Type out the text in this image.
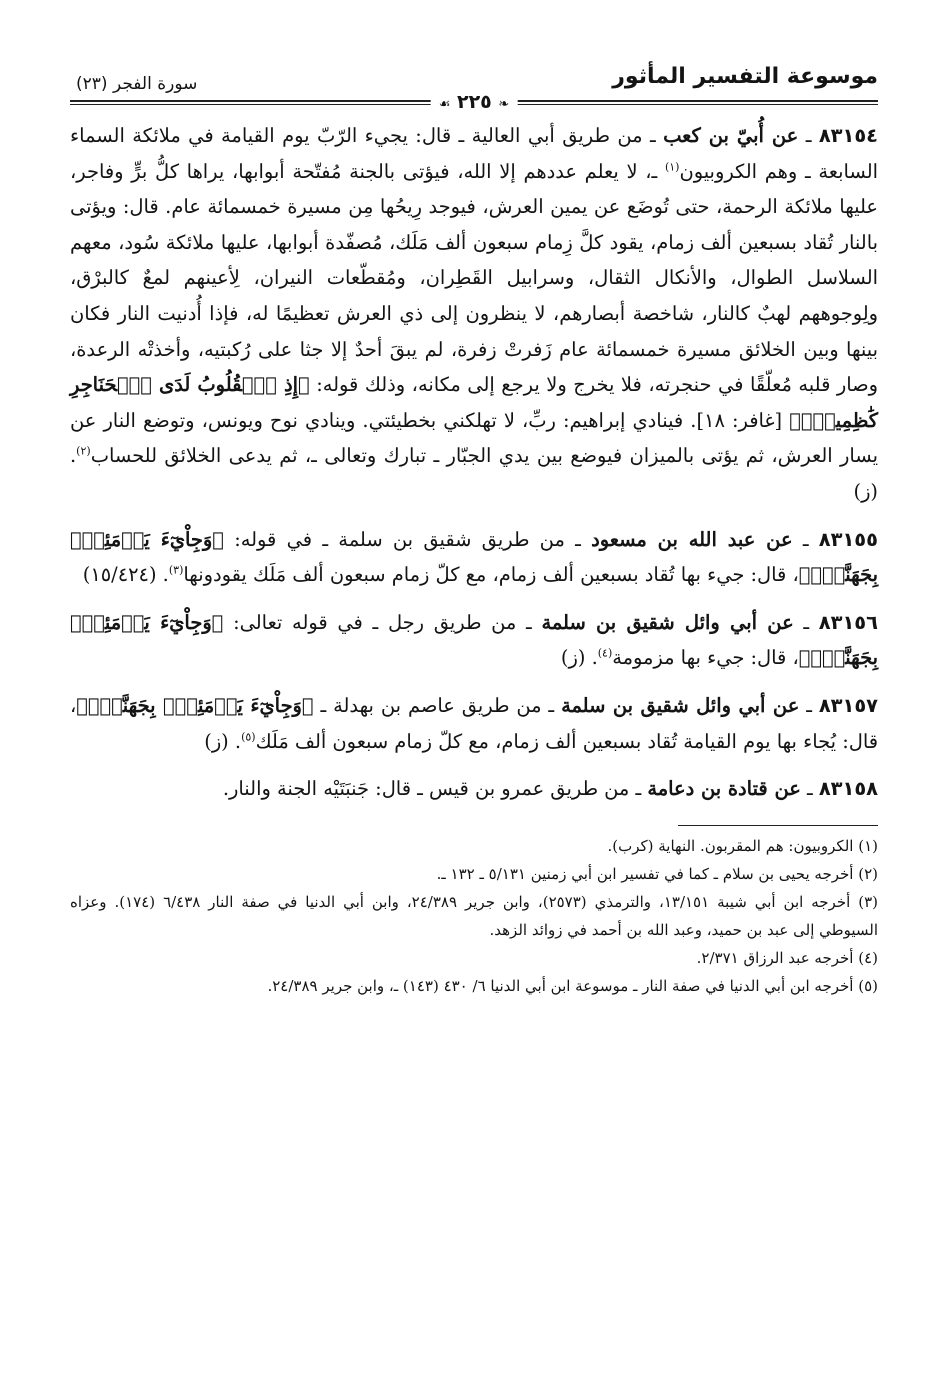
موسوعة التفسير المأثور
سورة الفجر (٢٣)
❧ ٢٢٥ ☙

٨٣١٥٤ ـ عن أُبيّ بن كعب ـ من طريق أبي العالية ـ قال: يجيء الرّبّ يوم القيامة في ملائكة السماء السابعة ـ وهم الكروبيون$^{(١)}$ ـ، لا يعلم عددهم إلا الله، فيؤتى بالجنة مُفتّحة أبوابها، يراها كلُّ برٍّ وفاجر، عليها ملائكة الرحمة، حتى تُوضَع عن يمين العرش، فيوجد رِيحُها مِن مسيرة خمسمائة عام. قال: ويؤتى بالنار تُقاد بسبعين ألف زمام، يقود كلَّ زِمام سبعون ألف مَلَك، مُصفّدة أبوابها، عليها ملائكة سُود، معهم السلاسل الطوال، والأنكال الثقال، وسرابيل القَطِران، ومُقطّعات النيران، لِأعينهم لمعٌ كالبرْق، ولِوجوههم لهبٌ كالنار، شاخصة أبصارهم، لا ينظرون إلى ذي العرش تعظيمًا له، فإذا أُدنيت النار فكان بينها وبين الخلائق مسيرة خمسمائة عام زَفرتْ زفرة، لم يبقَ أحدٌ إلا جثا على رُكبتيه، وأخذتْه الرعدة، وصار قلبه مُعلّقًا في حنجرته، فلا يخرج ولا يرجع إلى مكانه، وذلك قوله: ﴿إِذِ ٱلۡقُلُوبُ لَدَى ٱلۡحَنَاجِرِ كَٰظِمِينَۚ﴾ [غافر: ١٨]. فينادي إبراهيم: ربِّ، لا تهلكني بخطيئتي. وينادي نوح ويونس، وتوضع النار عن يسار العرش، ثم يؤتى بالميزان فيوضع بين يدي الجبّار ـ تبارك وتعالى ـ، ثم يدعى الخلائق للحساب$^{(٢)}$. (ز)

٨٣١٥٥ ـ عن عبد الله بن مسعود ـ من طريق شقيق بن سلمة ـ في قوله: ﴿وَجِاْيٓءَ يَوۡمَئِذِۭ بِجَهَنَّمَۚ﴾، قال: جيء بها تُقاد بسبعين ألف زمام، مع كلّ زمام سبعون ألف مَلَك يقودونها$^{(٣)}$. (١٥/٤٢٤)

٨٣١٥٦ ـ عن أبي وائل شقيق بن سلمة ـ من طريق رجل ـ في قوله تعالى: ﴿وَجِاْيٓءَ يَوۡمَئِذِۭ بِجَهَنَّمَۚ﴾، قال: جيء بها مزمومة$^{(٤)}$. (ز)

٨٣١٥٧ ـ عن أبي وائل شقيق بن سلمة ـ من طريق عاصم بن بهدلة ـ ﴿وَجِاْيٓءَ يَوۡمَئِذِۭ بِجَهَنَّمَۚ﴾، قال: يُجاء بها يوم القيامة تُقاد بسبعين ألف زمام، مع كلّ زمام سبعون ألف مَلَك$^{(٥)}$. (ز)

٨٣١٥٨ ـ عن قتادة بن دعامة ـ من طريق عمرو بن قيس ـ قال: جَنبَتَيْه الجنة والنار.

(١) الكروبيون: هم المقربون. النهاية (كرب).
(٢) أخرجه يحيى بن سلام ـ كما في تفسير ابن أبي زمنين ٥/١٣١ ـ ١٣٢ ـ.
(٣) أخرجه ابن أبي شيبة ١٣/١٥١، والترمذي (٢٥٧٣)، وابن جرير ٢٤/٣٨٩، وابن أبي الدنيا في صفة النار ٦/٤٣٨ (١٧٤). وعزاه السيوطي إلى عبد بن حميد، وعبد الله بن أحمد في زوائد الزهد.
(٤) أخرجه عبد الرزاق ٢/٣٧١.
(٥) أخرجه ابن أبي الدنيا في صفة النار ـ موسوعة ابن أبي الدنيا ٦/ ٤٣٠ (١٤٣) ـ، وابن جرير ٢٤/٣٨٩.
